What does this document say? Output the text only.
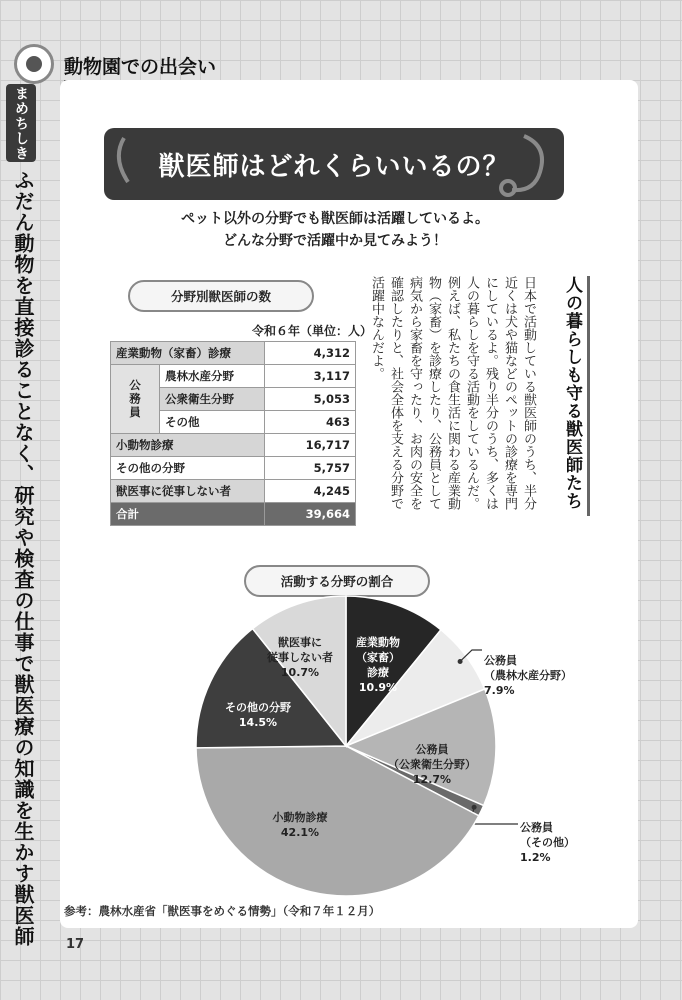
動物園での出会い
まめちしき
ふだん動物を直接診ることなく、研究や検査の仕事で獣医療の知識を生かす獣医師
獣医師はどれくらいいるの？
ペット以外の分野でも獣医師は活躍しているよ。
どんな分野で活躍中か見てみよう！
分野別獣医師の数
令和６年（単位：人）
産業動物（家畜）診療		4,312
公務員	農林水産分野	3,117
	公衆衛生分野	5,053
	その他	463
小動物診療		16,717
その他の分野		5,757
獣医事に従事しない者		4,245
合計		39,664
人の暮らしも守る獣医師たち
日本で活動している獣医師のうち、半分近くは犬や猫などのペットの診療を専門にしているよ。残り半分のうち、多くは人の暮らしを守る活動をしているんだ。例えば、私たちの食生活に関わる産業動物（家畜）を診療したり、公務員として病気から家畜を守ったり、お肉の安全を確認したりと、社会全体を支える分野で活躍中なんだよ。
活動する分野の割合
産業動物
（家畜）
診療
10.9%
公務員
（農林水産分野）
7.9%
公務員
（公衆衛生分野）
12.7%
公務員
（その他）
1.2%
小動物診療
42.1%
その他の分野
14.5%
獣医事に
従事しない者
10.7%
参考：農林水産省「獣医事をめぐる情勢」（令和７年１２月）
17
